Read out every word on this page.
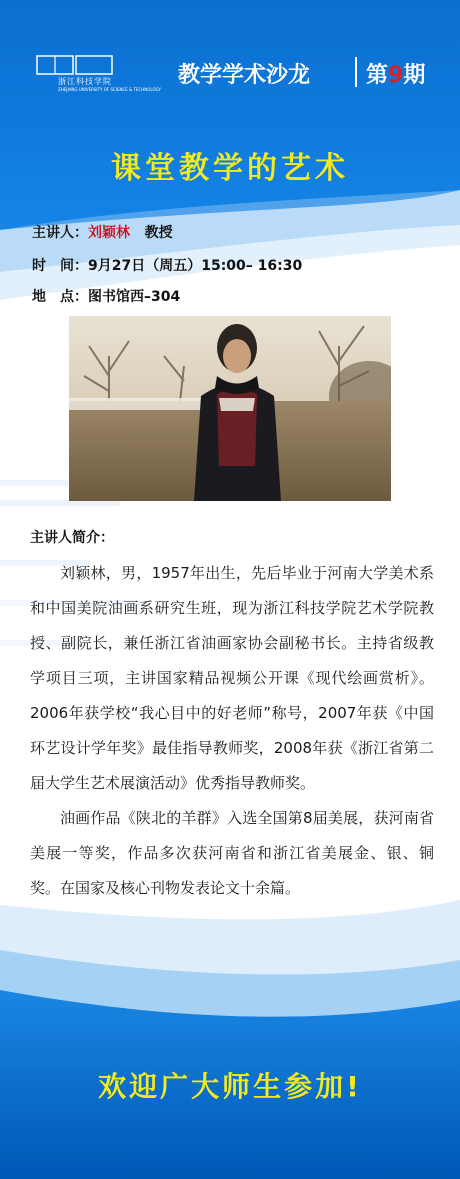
浙江科技学院
ZHEJIANG UNIVERSITY OF SCIENCE & TECHNOLOGY
教学学术沙龙	第9期
课堂教学的艺术
主讲人：刘颖林 教授
时　间：9月27日（周五）15:00– 16:30
地　点：图书馆西–304
主讲人简介：

刘颖林，男，1957年出生，先后毕业于河南大学美术系和中国美院油画系研究生班，现为浙江科技学院艺术学院教授、副院长，兼任浙江省油画家协会副秘书长。主持省级教学项目三项，主讲国家精品视频公开课《现代绘画赏析》。2006年获学校“我心目中的好老师”称号，2007年获《中国环艺设计学年奖》最佳指导教师奖，2008年获《浙江省第二届大学生艺术展演活动》优秀指导教师奖。

油画作品《陕北的羊群》入选全国第8届美展，获河南省美展一等奖，作品多次获河南省和浙江省美展金、银、铜奖。在国家及核心刊物发表论文十余篇。

欢迎广大师生参加!
